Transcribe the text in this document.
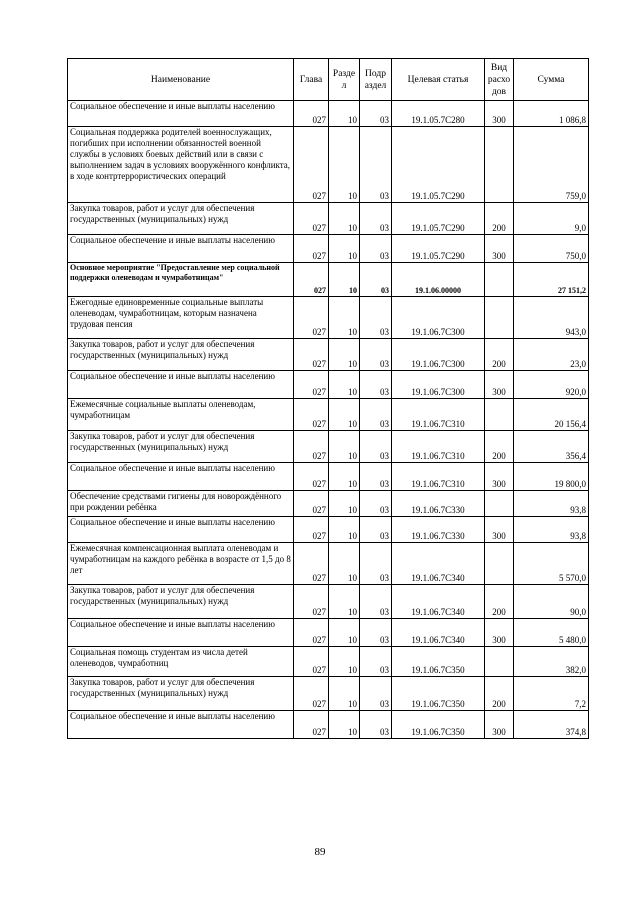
Наименование	Глава	Разде л	Подр аздел	Целевая статья	Вид расхо дов	Сумма
Социальное обеспечение и иные выплаты населению	027	10	03	19.1.05.7С280	300	1 086,8
Социальная поддержка родителей военнослужащих, погибших при исполнении обязанностей военной службы в условиях боевых действий или в связи с выполнением задач в условиях вооружённого конфликта, в ходе контртеррористических операций	027	10	03	19.1.05.7С290		759,0
Закупка товаров, работ и услуг для обеспечения государственных (муниципальных) нужд	027	10	03	19.1.05.7С290	200	9,0
Социальное обеспечение и иные выплаты населению	027	10	03	19.1.05.7С290	300	750,0
Основное мероприятие "Предоставление мер социальной поддержки оленеводам и чумработницам"	027	10	03	19.1.06.00000		27 151,2
Ежегодные единовременные социальные выплаты оленеводам, чумработницам, которым назначена трудовая пенсия	027	10	03	19.1.06.7С300		943,0
Закупка товаров, работ и услуг для обеспечения государственных (муниципальных) нужд	027	10	03	19.1.06.7С300	200	23,0
Социальное обеспечение и иные выплаты населению	027	10	03	19.1.06.7С300	300	920,0
Ежемесячные социальные выплаты оленеводам, чумработницам	027	10	03	19.1.06.7С310		20 156,4
Закупка товаров, работ и услуг для обеспечения государственных (муниципальных) нужд	027	10	03	19.1.06.7С310	200	356,4
Социальное обеспечение и иные выплаты населению	027	10	03	19.1.06.7С310	300	19 800,0
Обеспечение средствами гигиены для новорождённого при рождении ребёнка	027	10	03	19.1.06.7С330		93,8
Социальное обеспечение и иные выплаты населению	027	10	03	19.1.06.7С330	300	93,8
Ежемесячная компенсационная выплата оленеводам и чумработницам на каждого ребёнка в возрасте от 1,5 до 8 лет	027	10	03	19.1.06.7С340		5 570,0
Закупка товаров, работ и услуг для обеспечения государственных (муниципальных) нужд	027	10	03	19.1.06.7С340	200	90,0
Социальное обеспечение и иные выплаты населению	027	10	03	19.1.06.7С340	300	5 480,0
Социальная помощь студентам из числа детей оленеводов, чумработниц	027	10	03	19.1.06.7С350		382,0
Закупка товаров, работ и услуг для обеспечения государственных (муниципальных) нужд	027	10	03	19.1.06.7С350	200	7,2
Социальное обеспечение и иные выплаты населению	027	10	03	19.1.06.7С350	300	374,8
89
